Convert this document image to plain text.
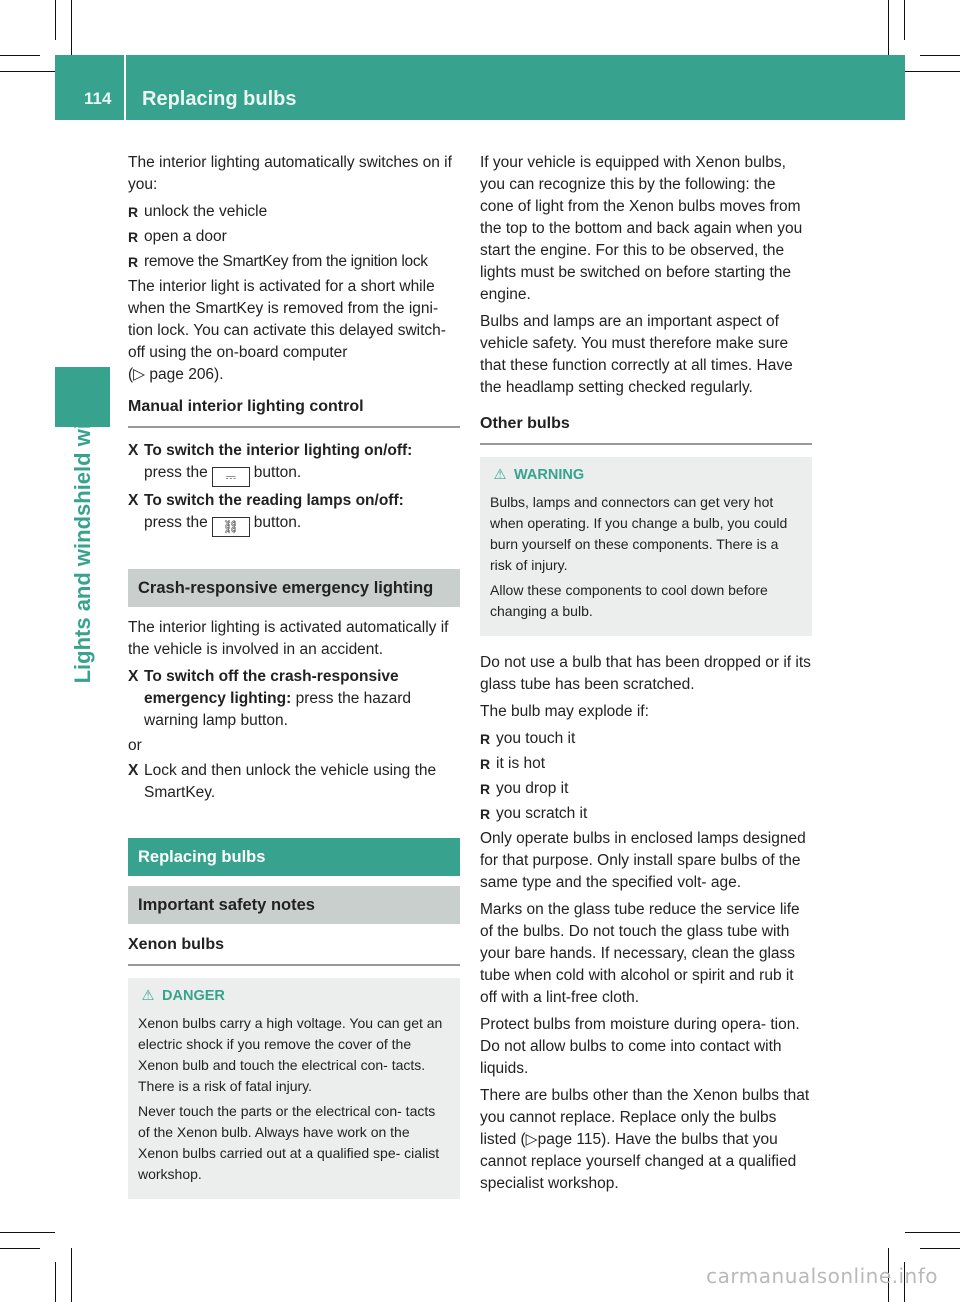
114 Replacing bulbs
Lights and windshield wipers

The interior lighting automatically switches on if you:

R unlock the vehicle
R open a door
R remove the SmartKey from the ignition lock

The interior light is activated for a short while when the SmartKey is removed from the igni- tion lock. You can activate this delayed switch-off using the on-board computer
(▷ page 206).

Manual interior lighting control
X To switch the interior lighting on/off:
press the ⎓ button.
X To switch the reading lamps on/off:
press the ⛓ button.
Crash-responsive emergency lighting

The interior lighting is activated automatically if the vehicle is involved in an accident.

X To switch off the crash-responsive emergency lighting: press the hazard warning lamp button.

or

X Lock and then unlock the vehicle using the SmartKey.
Replacing bulbs
Important safety notes
Xenon bulbs
⚠ DANGER

Xenon bulbs carry a high voltage. You can get an electric shock if you remove the cover of the Xenon bulb and touch the electrical con- tacts. There is a risk of fatal injury.

Never touch the parts or the electrical con- tacts of the Xenon bulb. Always have work on the Xenon bulbs carried out at a qualified spe- cialist workshop.

If your vehicle is equipped with Xenon bulbs, you can recognize this by the following: the cone of light from the Xenon bulbs moves from the top to the bottom and back again when you start the engine. For this to be observed, the lights must be switched on before starting the engine.

Bulbs and lamps are an important aspect of vehicle safety. You must therefore make sure that these function correctly at all times. Have the headlamp setting checked regularly.

Other bulbs
⚠ WARNING

Bulbs, lamps and connectors can get very hot when operating. If you change a bulb, you could burn yourself on these components. There is a risk of injury.

Allow these components to cool down before changing a bulb.

Do not use a bulb that has been dropped or if its glass tube has been scratched.

The bulb may explode if:

R you touch it
R it is hot
R you drop it
R you scratch it

Only operate bulbs in enclosed lamps designed for that purpose. Only install spare bulbs of the same type and the specified volt- age.

Marks on the glass tube reduce the service life of the bulbs. Do not touch the glass tube with your bare hands. If necessary, clean the glass tube when cold with alcohol or spirit and rub it off with a lint-free cloth.

Protect bulbs from moisture during opera- tion. Do not allow bulbs to come into contact with liquids.

There are bulbs other than the Xenon bulbs that you cannot replace. Replace only the bulbs listed (▷page 115). Have the bulbs that you cannot replace yourself changed at a qualified specialist workshop.

carmanualsonline.info
